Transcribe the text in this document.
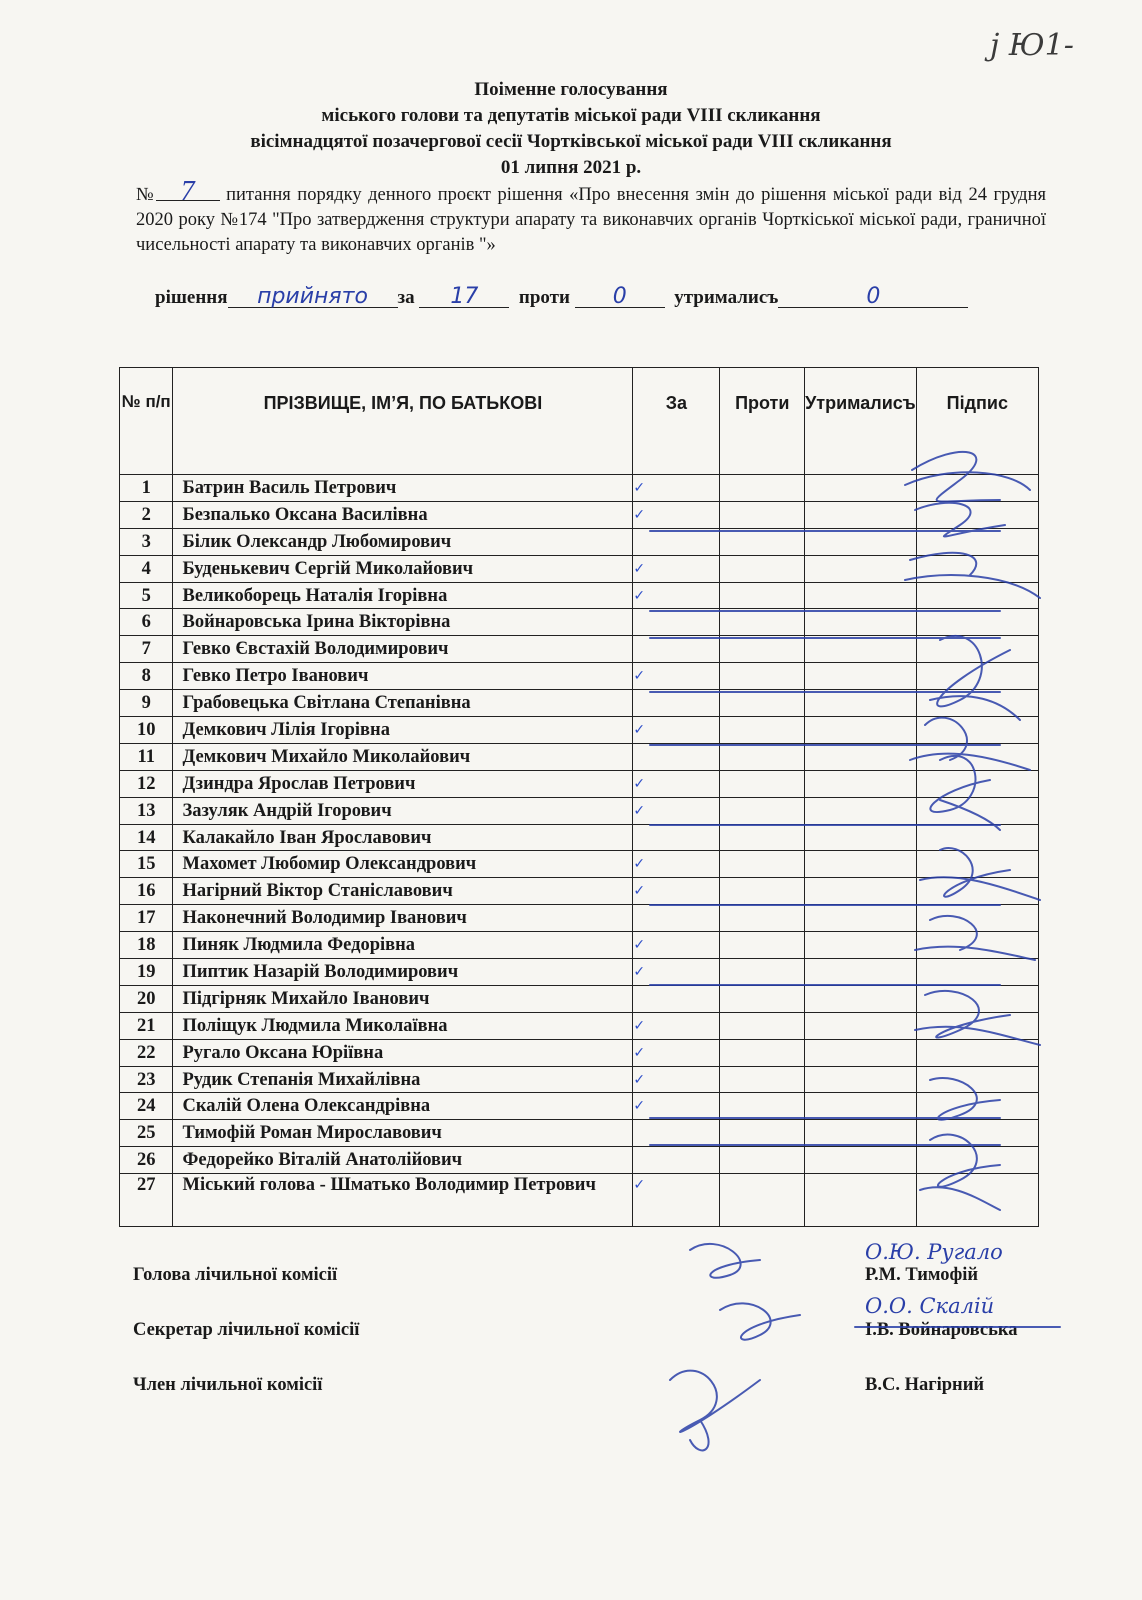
ј Ю1-
Поіменне голосування
міського голови та депутатів міської ради VIII скликання
вісімнадцятої позачергової сесії Чортківської міської ради VIII скликання
01 липня 2021 р.
№ 7 питання порядку денного проєкт рішення «Про внесення змін до рішення міської ради від 24 грудня 2020 року №174 "Про затвердження структури апарату та виконавчих органів Чорткіської міської ради, граничної чисельності апарату та виконавчих органів "»
рішення прийнято за 17 проти 0	утрималисъ	0
№ п/п	ПРІЗВИЩЕ, ІМ’Я, ПО БАТЬКОВІ	За	Проти	Утрималисъ	Підпис
1	Батрин Василь Петрович	✓			
2	Безпалько Оксана Василівна	✓			
3	Білик Олександр Любомирович				
4	Буденькевич Сергій Миколайович	✓			
5	Великоборець Наталія Ігорівна	✓			
6	Войнаровська Ірина Вікторівна				
7	Гевко Євстахій Володимирович				
8	Гевко Петро Іванович	✓			
9	Грабовецька Світлана Степанівна				
10	Демкович Лілія Ігорівна	✓			
11	Демкович Михайло Миколайович				
12	Дзиндра Ярослав Петрович	✓			
13	Зазуляк Андрій Ігорович	✓			
14	Калакайло Іван Ярославович				
15	Махомет Любомир Олександрович	✓			
16	Нагірний Віктор Станіславович	✓			
17	Наконечний Володимир Іванович				
18	Пиняк Людмила Федорівна	✓			
19	Пиптик Назарій Володимирович	✓			
20	Підгірняк Михайло Іванович				
21	Поліщук Людмила Миколаївна	✓			
22	Ругало Оксана Юріївна	✓			
23	Рудик Степанія Михайлівна	✓			
24	Скалій Олена Олександрівна	✓			
25	Тимофій Роман Мирославович				
26	Федорейко Віталій Анатолійович				
27	Міський голова - Шматько Володимир Петрович	✓			
Голова лічильної комісії	Р.М. Тимофій
Секретар лічильної комісії	І.В. Войнаровська
Член лічильної комісії	В.С. Нагірний
О.Ю. Ругало
О.О. Скалій
